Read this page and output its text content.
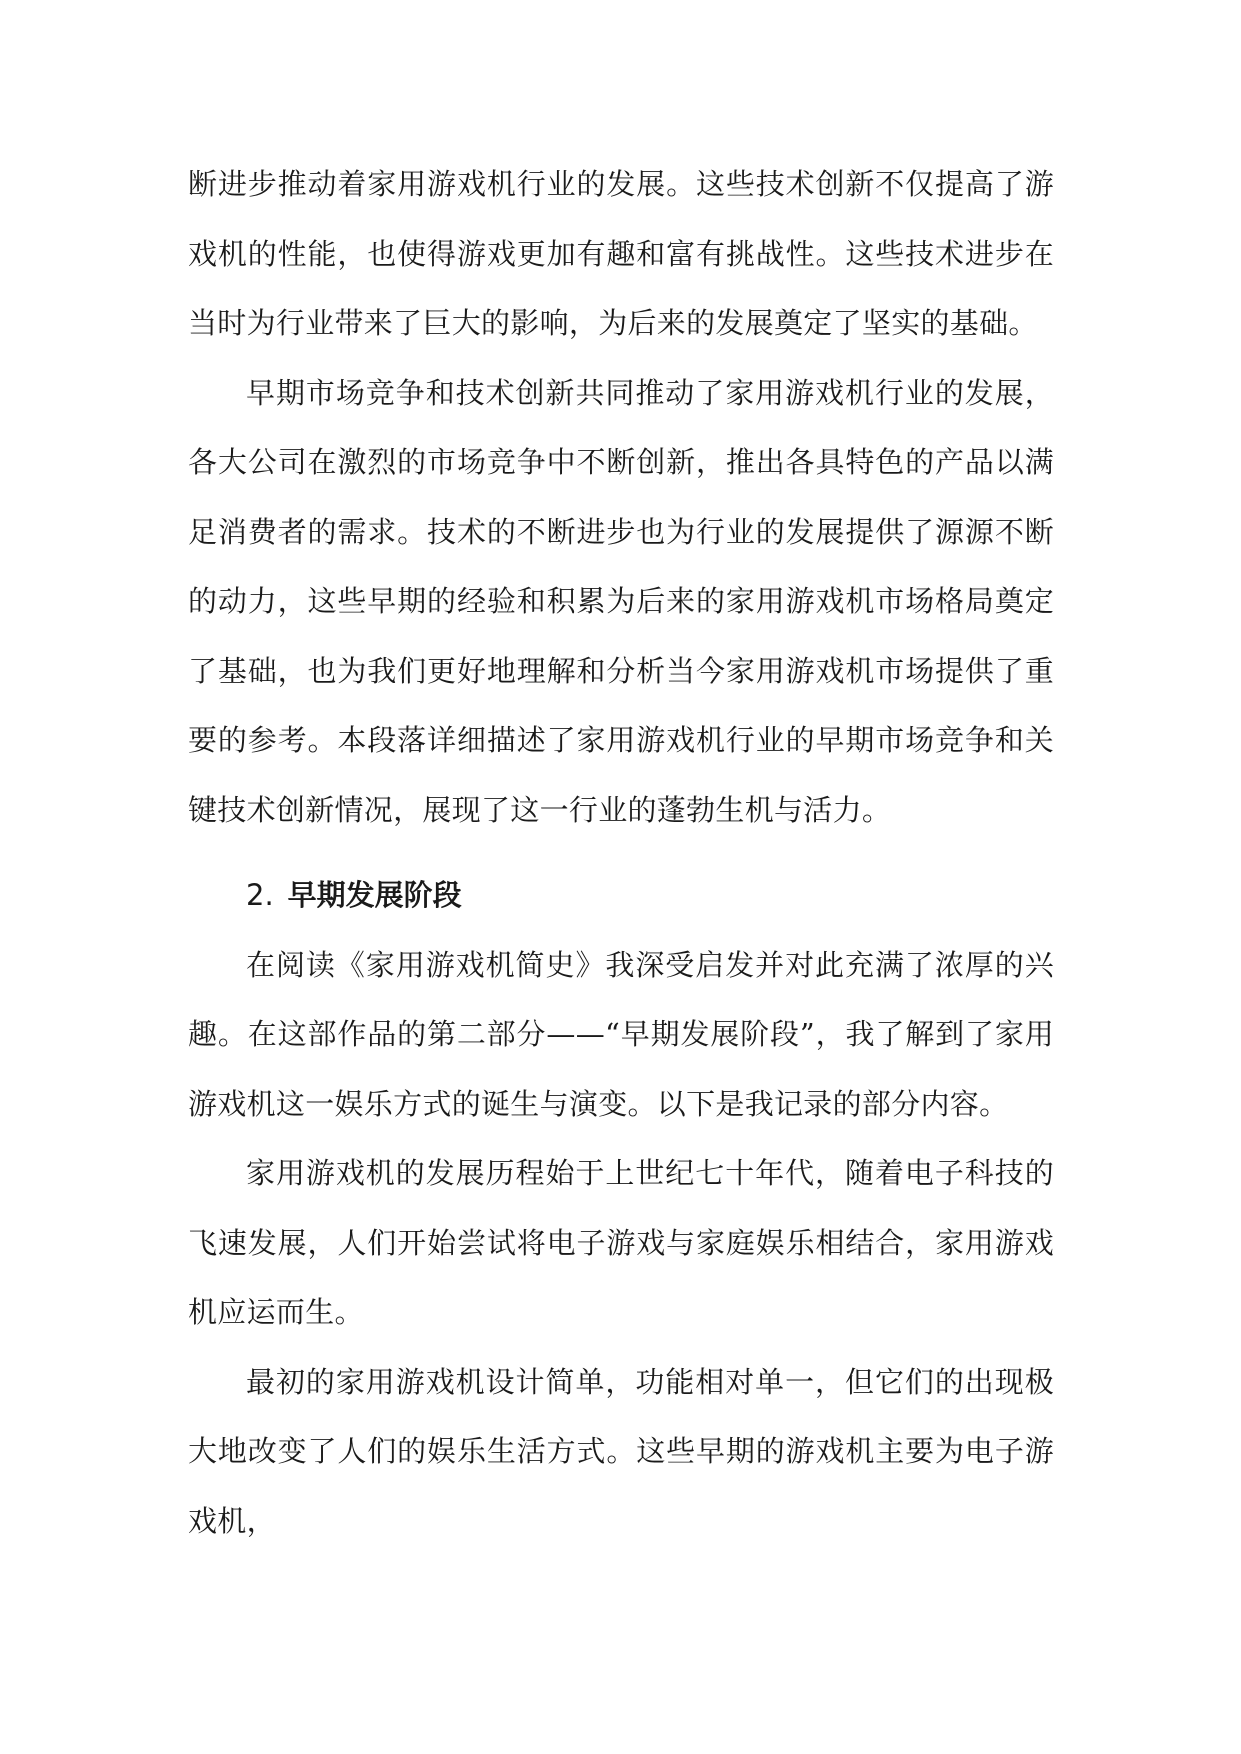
断进步推动着家用游戏机行业的发展。这些技术创新不仅提高了游戏机的性能，也使得游戏更加有趣和富有挑战性。这些技术进步在当时为行业带来了巨大的影响，为后来的发展奠定了坚实的基础。

早期市场竞争和技术创新共同推动了家用游戏机行业的发展，各大公司在激烈的市场竞争中不断创新，推出各具特色的产品以满足消费者的需求。技术的不断进步也为行业的发展提供了源源不断的动力，这些早期的经验和积累为后来的家用游戏机市场格局奠定了基础，也为我们更好地理解和分析当今家用游戏机市场提供了重要的参考。本段落详细描述了家用游戏机行业的早期市场竞争和关键技术创新情况，展现了这一行业的蓬勃生机与活力。

2. 早期发展阶段

在阅读《家用游戏机简史》我深受启发并对此充满了浓厚的兴趣。在这部作品的第二部分——“早期发展阶段”，我了解到了家用游戏机这一娱乐方式的诞生与演变。以下是我记录的部分内容。

家用游戏机的发展历程始于上世纪七十年代，随着电子科技的飞速发展，人们开始尝试将电子游戏与家庭娱乐相结合，家用游戏机应运而生。

最初的家用游戏机设计简单，功能相对单一，但它们的出现极大地改变了人们的娱乐生活方式。这些早期的游戏机主要为电子游戏机，
